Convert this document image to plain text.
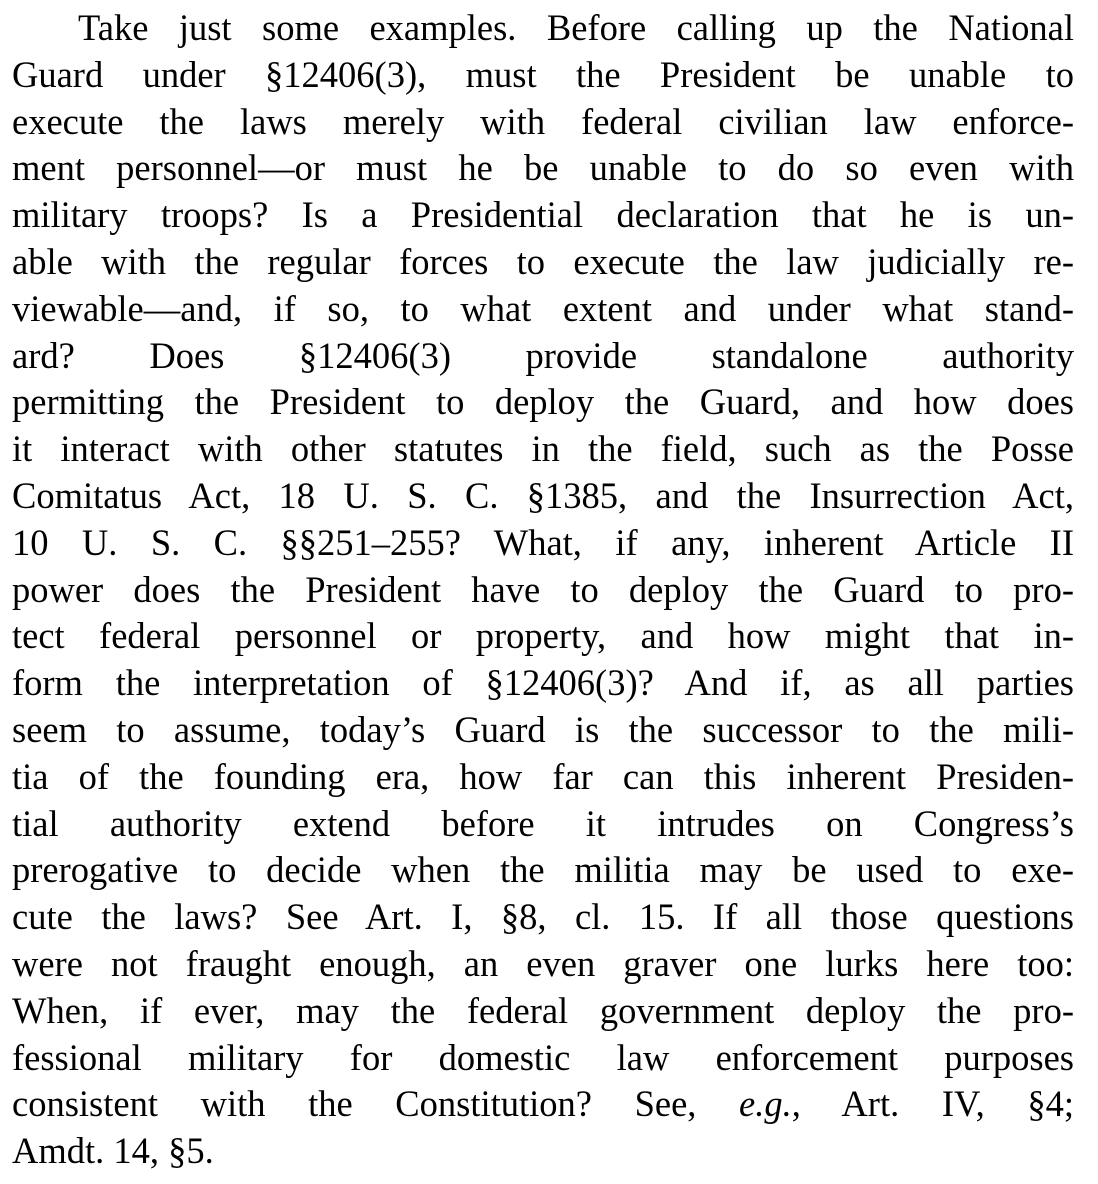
Take just some examples. Before calling up the National
Guard under §12406(3), must the President be unable to
execute the laws merely with federal civilian law enforce-
ment personnel—or must he be unable to do so even with
military troops? Is a Presidential declaration that he is un-
able with the regular forces to execute the law judicially re-
viewable—and, if so, to what extent and under what stand-
ard? Does §12406(3) provide standalone authority
permitting the President to deploy the Guard, and how does
it interact with other statutes in the field, such as the Posse
Comitatus Act, 18 U. S. C. §1385, and the Insurrection Act,
10 U. S. C. §§251–255? What, if any, inherent Article II
power does the President have to deploy the Guard to pro-
tect federal personnel or property, and how might that in-
form the interpretation of §12406(3)? And if, as all parties
seem to assume, today’s Guard is the successor to the mili-
tia of the founding era, how far can this inherent Presiden-
tial authority extend before it intrudes on Congress’s
prerogative to decide when the militia may be used to exe-
cute the laws? See Art. I, §8, cl. 15. If all those questions
were not fraught enough, an even graver one lurks here too:
When, if ever, may the federal government deploy the pro-
fessional military for domestic law enforcement purposes
consistent with the Constitution? See, e.g., Art. IV, §4;
Amdt. 14, §5.
